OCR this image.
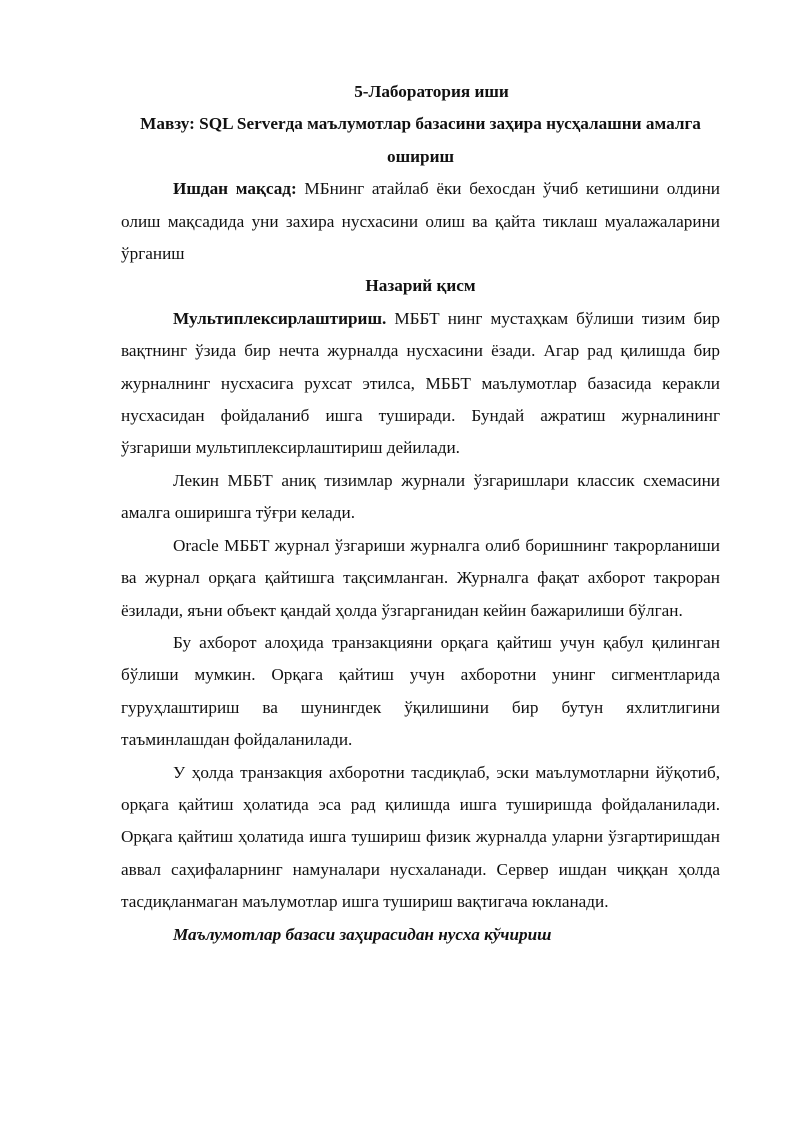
5-Лаборатория иши

Мавзу: SQL Serverда маълумотлар базасини заҳира нусҳалашни амалга ошириш

Ишдан мақсад: МБнинг атайлаб ёки бехосдан ўчиб кетишини олдини олиш мақсадида уни захира нусхасини олиш ва қайта тиклаш муалажаларини ўрганиш

Назарий қисм

Мультиплексирлаштириш. МББТ нинг мустаҳкам бўлиши тизим бир вақтнинг ўзида бир нечта журналда нусхасини ёзади. Агар рад қилишда бир журналнинг нусхасига рухсат этилса, МББТ маълумотлар базасида керакли нусхасидан фойдаланиб ишга туширади. Бундай ажратиш журналининг ўзгариши мультиплексирлаштириш дейилади.

Лекин МББТ аниқ тизимлар журнали ўзгаришлари классик схемасини амалга оширишга тўғри келади.

Oracle МББТ журнал ўзгариши журналга олиб боришнинг такрорланиши ва журнал орқага қайтишга тақсимланган. Журналга фақат ахборот такроран ёзилади, яъни объект қандай ҳолда ўзгарганидан кейин бажарилиши бўлган.

Бу ахборот алоҳида транзакцияни орқага қайтиш учун қабул қилинган бўлиши мумкин. Орқага қайтиш учун ахборотни унинг сигментларида гуруҳлаштириш ва шунингдек ўқилишини бир бутун яхлитлигини таъминлашдан фойдаланилади.

У ҳолда транзакция ахборотни тасдиқлаб, эски маълумотларни йўқотиб, орқага қайтиш ҳолатида эса рад қилишда ишга туширишда фойдаланилади. Орқага қайтиш ҳолатида ишга тушириш физик журналда уларни ўзгартиришдан аввал саҳифаларнинг намуналари нусхаланади. Сервер ишдан чиққан ҳолда тасдиқланмаган маълумотлар ишга тушириш вақтигача юкланади.

Маълумотлар базаси заҳирасидан нусха кўчириш
